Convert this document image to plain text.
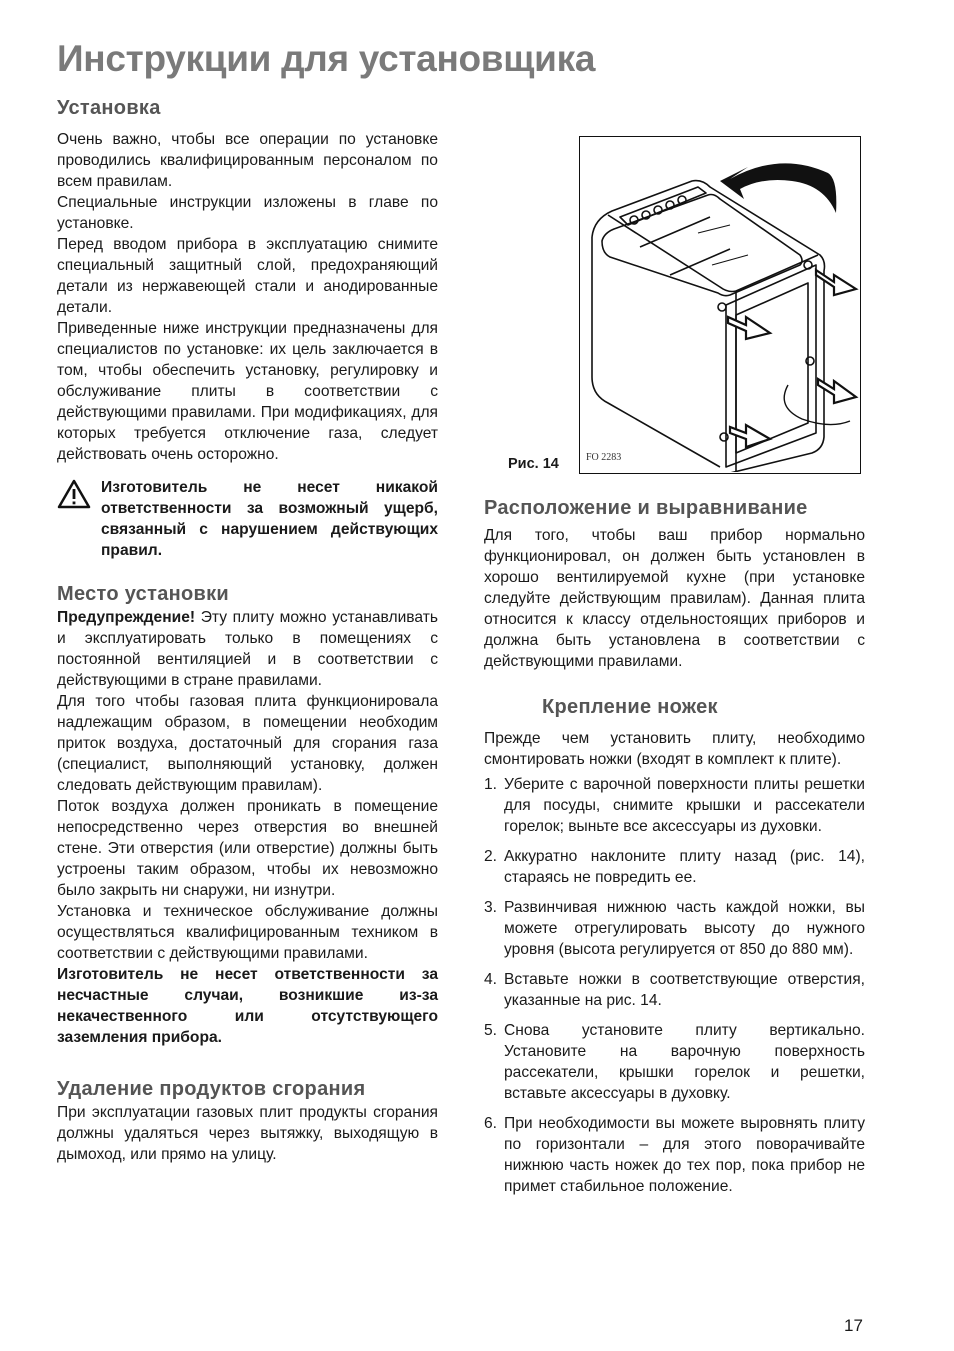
Инструкции для установщика
Установка

Очень важно, чтобы все операции по установке проводились квалифицированным персоналом по всем правилам.

Специальные инструкции изложены в главе по установке.

Перед вводом прибора в эксплуатацию снимите специальный защитный слой, предохраняющий детали из нержавеющей стали и анодированные детали.

Приведенные ниже инструкции предназначены для специалистов по установке: их цель заключается в том, чтобы обеспечить установку, регулировку и обслуживание плиты в соответствии с действующими правилами. При модификациях, для которых требуется отключение газа, следует действовать очень осторожно.

Изготовитель не несет никакой ответственности за возможный ущерб, связанный с нарушением действующих правил.

Место установки

Предупреждение! Эту плиту можно устанавливать и эксплуатировать только в помещениях с постоянной вентиляцией и в соответствии с действующими в стране правилами.

Для того чтобы газовая плита функционировала надлежащим образом, в помещении необходим приток воздуха, достаточный для сгорания газа (специалист, выполняющий установку, должен следовать действующим правилам).

Поток воздуха должен проникать в помещение непосредственно через отверстия во внешней стене. Эти отверстия (или отверстие) должны быть устроены таким образом, чтобы их невозможно было закрыть ни снаружи, ни изнутри.

Установка и техническое обслуживание должны осуществляться квалифицированным техником в соответствии с действующими правилами.

Изготовитель не несет ответственности за несчастные случаи, возникшие из-за некачественного или отсутствующего заземления прибора.

Удаление продуктов сгорания

При эксплуатации газовых плит продукты сгорания должны удаляться через вытяжку, выходящую в дымоход, или прямо на улицу.

Рис. 14	FO 2283
Расположение и выравнивание

Для того, чтобы ваш прибор нормально функционировал, он должен быть установлен в хорошо вентилируемой кухне (при установке следуйте действующим правилам). Данная плита относится к классу отдельностоящих приборов и должна быть установлена в соответствии с действующими правилами.

Крепление ножек

Прежде чем установить плиту, необходимо смонтировать ножки (входят в комплект к плите).

1. Уберите с варочной поверхности плиты решетки для посуды, снимите крышки и рассекатели горелок; выньте все аксессуары из духовки.
2. Аккуратно наклоните плиту назад (рис. 14), стараясь не повредить ее.
3. Развинчивая нижнюю часть каждой ножки, вы можете отрегулировать высоту до нужного уровня (высота регулируется от 850 до 880 мм).
4. Вставьте ножки в соответствующие отверстия, указанные на рис. 14.
5. Снова установите плиту вертикально. Установите на варочную поверхность рассекатели, крышки горелок и решетки, вставьте аксессуары в духовку.
6. При необходимости вы можете выровнять плиту по горизонтали – для этого поворачивайте нижнюю часть ножек до тех пор, пока прибор не примет стабильное положение.
17
